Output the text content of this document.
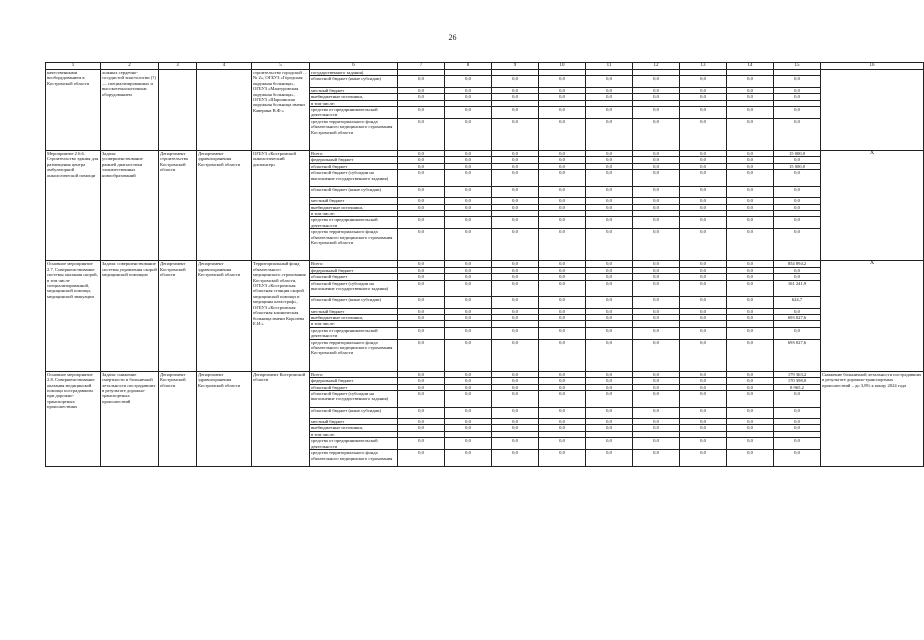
26
1	2	3	4	5	6	7	8	9	10	11	12	13	14	15	16
качественными вооборудованием в Костромской области	ложных сердечно-сосудистой эпистологии (?) — специализированных и высокотехнологичным оборудованием			строительство городской … № 2», ОГБУЗ «Городская окружная больница», ОГБУЗ «Мантуровская окружная больница», ОГБУЗ «Шарьинская окружная больница имени Каверина В.Ф.»	государственного задания)										
					областной бюджет (иные субсидии)	0,0	0,0	0,0	0,0	0,0	0,0	0,0	0,0	0,0	
					местный бюджет	0,0	0,0	0,0	0,0	0,0	0,0	0,0	0,0	0,0	
					внебюджетные источники,	0,0	0,0	0,0	0,0	0,0	0,0	0,0	0,0	0,0	
					в том числе:										
					средства от предпринимательской деятельности	0,0	0,0	0,0	0,0	0,0	0,0	0,0	0,0	0,0	
					средства территориального фонда обязательного медицинского страхования Костромской области	0,0	0,0	0,0	0,0	0,0	0,0	0,0	0,0	0,0	
Мероприятие 2.6.6. Строительство здания для размещения центра амбулаторной онкологической помощи	Задача: усовершенствование рамней диагностики злокачественных новообразований	Департамент строительства Костромской области	Департамент здравоохранения Костромской области	ОГБУЗ «Костромской онкологический диспансер»	Всего:	0,0	0,0	0,0	0,0	0,0	0,0	0,0	0,0	15 000,0	X
					федеральный бюджет	0,0	0,0	0,0	0,0	0,0	0,0	0,0	0,0	0,0	
					областной бюджет	0,0	0,0	0,0	0,0	0,0	0,0	0,0	0,0	15 000,0	
					областной бюджет (субсидии на выполнение государственного задания)	0,0	0,0	0,0	0,0	0,0	0,0	0,0	0,0	0,0	
					областной бюджет (иные субсидии)	0,0	0,0	0,0	0,0	0,0	0,0	0,0	0,0	0,0	
					местный бюджет	0,0	0,0	0,0	0,0	0,0	0,0	0,0	0,0	0,0	
					внебюджетные источники,	0,0	0,0	0,0	0,0	0,0	0,0	0,0	0,0	0,0	
					в том числе:										
					средства от предпринимательской деятельности	0,0	0,0	0,0	0,0	0,0	0,0	0,0	0,0	0,0	
					средства территориального фонда обязательного медицинского страхования Костромской области	0,0	0,0	0,0	0,0	0,0	0,0	0,0	0,0	0,0	
Основное мероприятие 2.7. Совершенствование системы оказания скорой, в том числе специализированной, медицинской помощи, медицинской эвакуации	Задача: совершенствование системы управления скорой медицинской помощью	Департамент Костромской области	Департамент здравоохранения Костромской области	Территориальный фонд обязательного медицинского страхования Костромской области, ОГБУЗ «Костромская областная станция скорой медицинской помощи и медицины катастроф», ОГБУЗ «Костромская областная клиническая больница имени Королева Е.И.»	Всего:	0,0	0,0	0,0	0,0	0,0	0,0	0,0	0,0	854 894,2	X
					федеральный бюджет	0,0	0,0	0,0	0,0	0,0	0,0	0,0	0,0	0,0	
					областной бюджет	0,0	0,0	0,0	0,0	0,0	0,0	0,0	0,0	0,0	
					областной бюджет (субсидии на выполнение государственного задания)	0,0	0,0	0,0	0,0	0,0	0,0	0,0	0,0	161 241,9	
					областной бюджет (иные субсидии)	0,0	0,0	0,0	0,0	0,0	0,0	0,0	0,0	624,7	
					местный бюджет	0,0	0,0	0,0	0,0	0,0	0,0	0,0	0,0	0,0	
					внебюджетные источники,	0,0	0,0	0,0	0,0	0,0	0,0	0,0	0,0	693 027,6	
					в том числе:										
					средства от предпринимательской деятельности	0,0	0,0	0,0	0,0	0,0	0,0	0,0	0,0	0,0	
					средства территориального фонда обязательного медицинского страхования Костромской области	0,0	0,0	0,0	0,0	0,0	0,0	0,0	0,0	693 027,6	
Основное мероприятие 2.8. Совершенствование оказания медицинской помощи пострадавшим при дорожно-транспортных происшествиях	Задача: снижение смертности и больничной летальности пострадавших в результате дорожно-транспортных происшествий	Департамент Костромской области	Департамент здравоохранения Костромской области	Департамент Костромской области	Всего:	0,0	0,0	0,0	0,0	0,0	0,0	0,0	0,0	179 363,2	Снижение больничной летальности пострадавших в результате дорожно-транспортных происшествий – до 3,8% к концу 2024 года
					федеральный бюджет	0,0	0,0	0,0	0,0	0,0	0,0	0,0	0,0	170 398,0	
					областной бюджет	0,0	0,0	0,0	0,0	0,0	0,0	0,0	0,0	8 965,2	
					областной бюджет (субсидии на выполнение государственного задания)	0,0	0,0	0,0	0,0	0,0	0,0	0,0	0,0	0,0	
					областной бюджет (иные субсидии)	0,0	0,0	0,0	0,0	0,0	0,0	0,0	0,0	0,0	
					местный бюджет	0,0	0,0	0,0	0,0	0,0	0,0	0,0	0,0	0,0	
					внебюджетные источники,	0,0	0,0	0,0	0,0	0,0	0,0	0,0	0,0	0,0	
					в том числе:										
					средства от предпринимательской деятельности	0,0	0,0	0,0	0,0	0,0	0,0	0,0	0,0	0,0	
					средства территориального фонда обязательного медицинского страхования	0,0	0,0	0,0	0,0	0,0	0,0	0,0	0,0	0,0	
